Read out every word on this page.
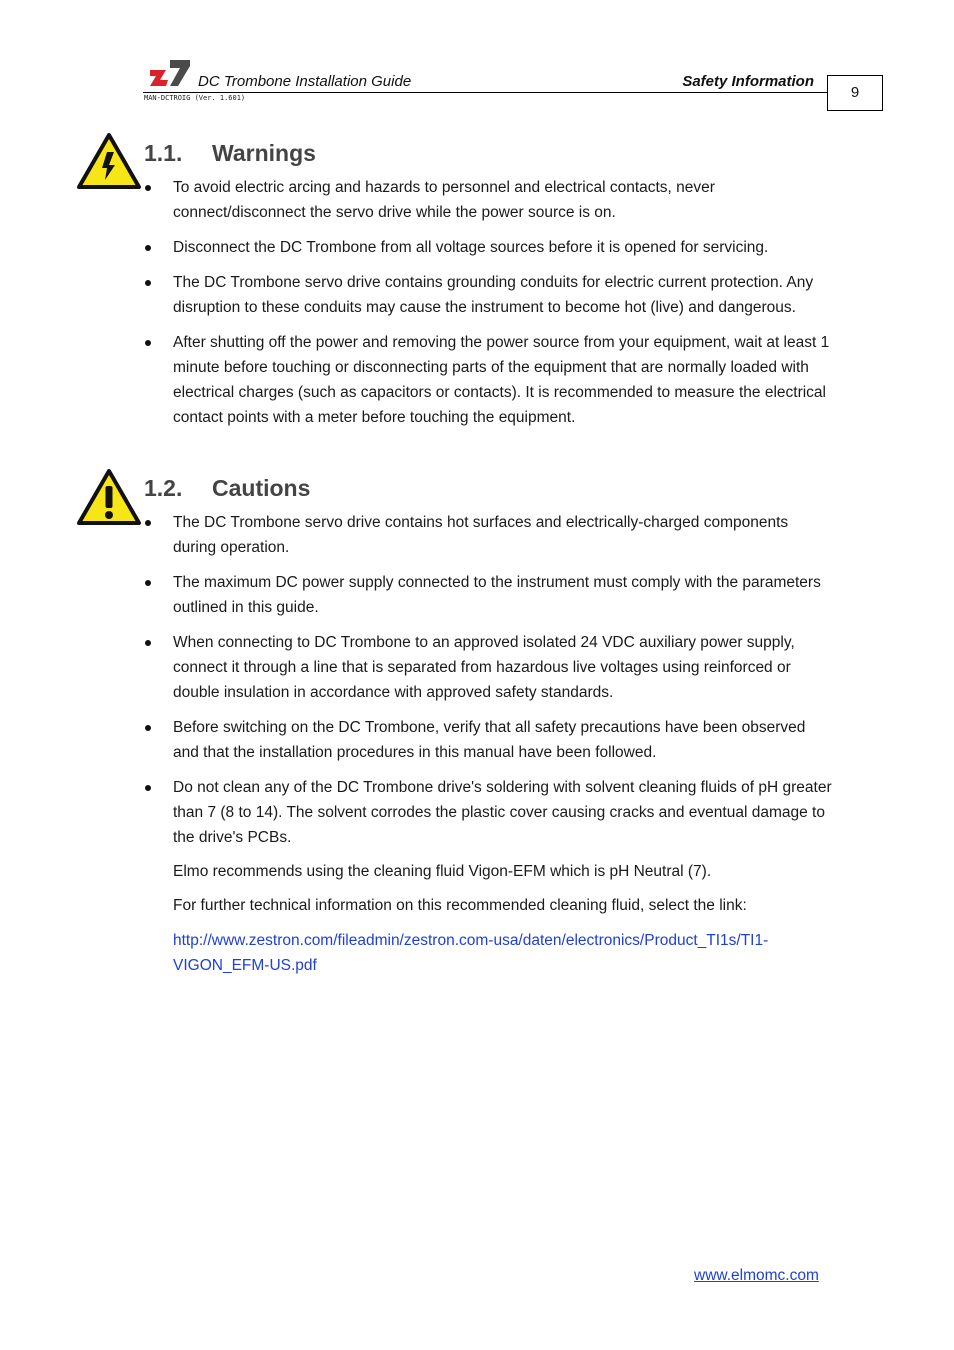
DC Trombone Installation Guide	Safety Information
9
MAN-DCTROIG (Ver. 1.601)
1.1. Warnings
To avoid electric arcing and hazards to personnel and electrical contacts, never connect/disconnect the servo drive while the power source is on.
Disconnect the DC Trombone from all voltage sources before it is opened for servicing.
The DC Trombone servo drive contains grounding conduits for electric current protection. Any disruption to these conduits may cause the instrument to become hot (live) and dangerous.
After shutting off the power and removing the power source from your equipment, wait at least 1 minute before touching or disconnecting parts of the equipment that are normally loaded with electrical charges (such as capacitors or contacts). It is recommended to measure the electrical contact points with a meter before touching the equipment.
1.2. Cautions
The DC Trombone servo drive contains hot surfaces and electrically-charged components during operation.
The maximum DC power supply connected to the instrument must comply with the parameters outlined in this guide.
When connecting to DC Trombone to an approved isolated 24 VDC auxiliary power supply, connect it through a line that is separated from hazardous live voltages using reinforced or double insulation in accordance with approved safety standards.
Before switching on the DC Trombone, verify that all safety precautions have been observed and that the installation procedures in this manual have been followed.
Do not clean any of the DC Trombone drive's soldering with solvent cleaning fluids of pH greater than 7 (8 to 14). The solvent corrodes the plastic cover causing cracks and eventual damage to the drive's PCBs.

Elmo recommends using the cleaning fluid Vigon-EFM which is pH Neutral (7).

For further technical information on this recommended cleaning fluid, select the link:

http://www.zestron.com/fileadmin/zestron.com-usa/daten/electronics/Product_TI1s/TI1-
VIGON_EFM-US.pdf

www.elmomc.com
